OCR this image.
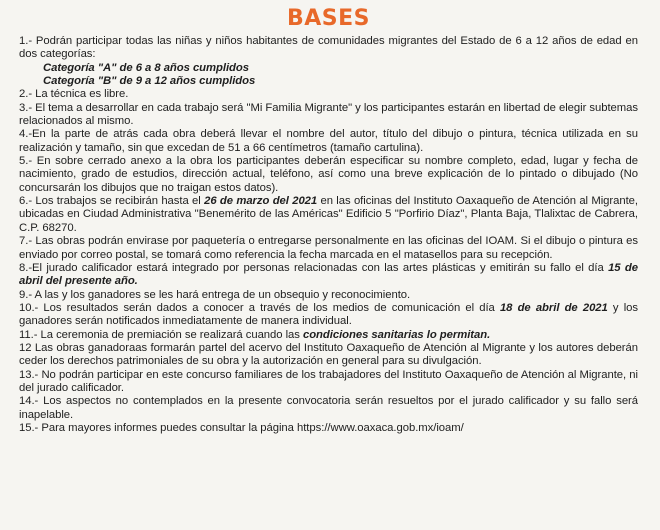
BASES

1.- Podrán participar todas las niñas y niños habitantes de comunidades migrantes del Estado de 6 a 12 años de edad en dos categorías:

Categoría "A" de 6 a 8 años cumplidos

Categoría "B" de 9 a 12 años cumplidos

2.- La técnica es libre.

3.- El tema a desarrollar en cada trabajo será "Mi Familia Migrante" y los participantes estarán en libertad de elegir subtemas relacionados al mismo.

4.-En la parte de atrás cada obra deberá llevar el nombre del autor, título del dibujo o pintura, técnica utilizada en su realización y tamaño, sin que excedan de 51 a 66 centímetros (tamaño cartulina).

5.- En sobre cerrado anexo a la obra los participantes deberán especificar su nombre completo, edad, lugar y fecha de nacimiento, grado de estudios, dirección actual, teléfono, así como una breve explicación de lo pintado o dibujado (No concursarán los dibujos que no traigan estos datos).

6.- Los trabajos se recibirán hasta el 26 de marzo del 2021 en las oficinas del Instituto Oaxaqueño de Atención al Migrante, ubicadas en Ciudad Administrativa "Benemérito de las Américas" Edificio 5 "Porfirio Díaz", Planta Baja, Tlalixtac de Cabrera, C.P. 68270.

7.- Las obras podrán envirase por paquetería o entregarse personalmente en las oficinas del IOAM. Si el dibujo o pintura es enviado por correo postal, se tomará como referencia la fecha marcada en el matasellos para su recepción.

8.-El jurado calificador estará integrado por personas relacionadas con las artes plásticas y emitirán su fallo el día 15 de abril del presente año.

9.- A las y los ganadores se les hará entrega de un obsequio y reconocimiento.

10.- Los resultados serán dados a conocer a través de los medios de comunicación el día 18 de abril de 2021 y los ganadores serán notificados inmediatamente de manera individual.

11.- La ceremonia de premiación se realizará cuando las condiciones sanitarias lo permitan.

12 Las obras ganadoraas formarán partel del acervo del Instituto Oaxaqueño de Atención al Migrante y los autores deberán ceder los derechos patrimoniales de su obra y la autorización en general para su divulgación.

13.- No podrán participar en este concurso familiares de los trabajadores del Instituto Oaxaqueño de Atención al Migrante, ni del jurado calificador.

14.- Los aspectos no contemplados en la presente convocatoria serán resueltos por el jurado calificador y su fallo será inapelable.

15.- Para mayores informes puedes consultar la página https://www.oaxaca.gob.mx/ioam/
